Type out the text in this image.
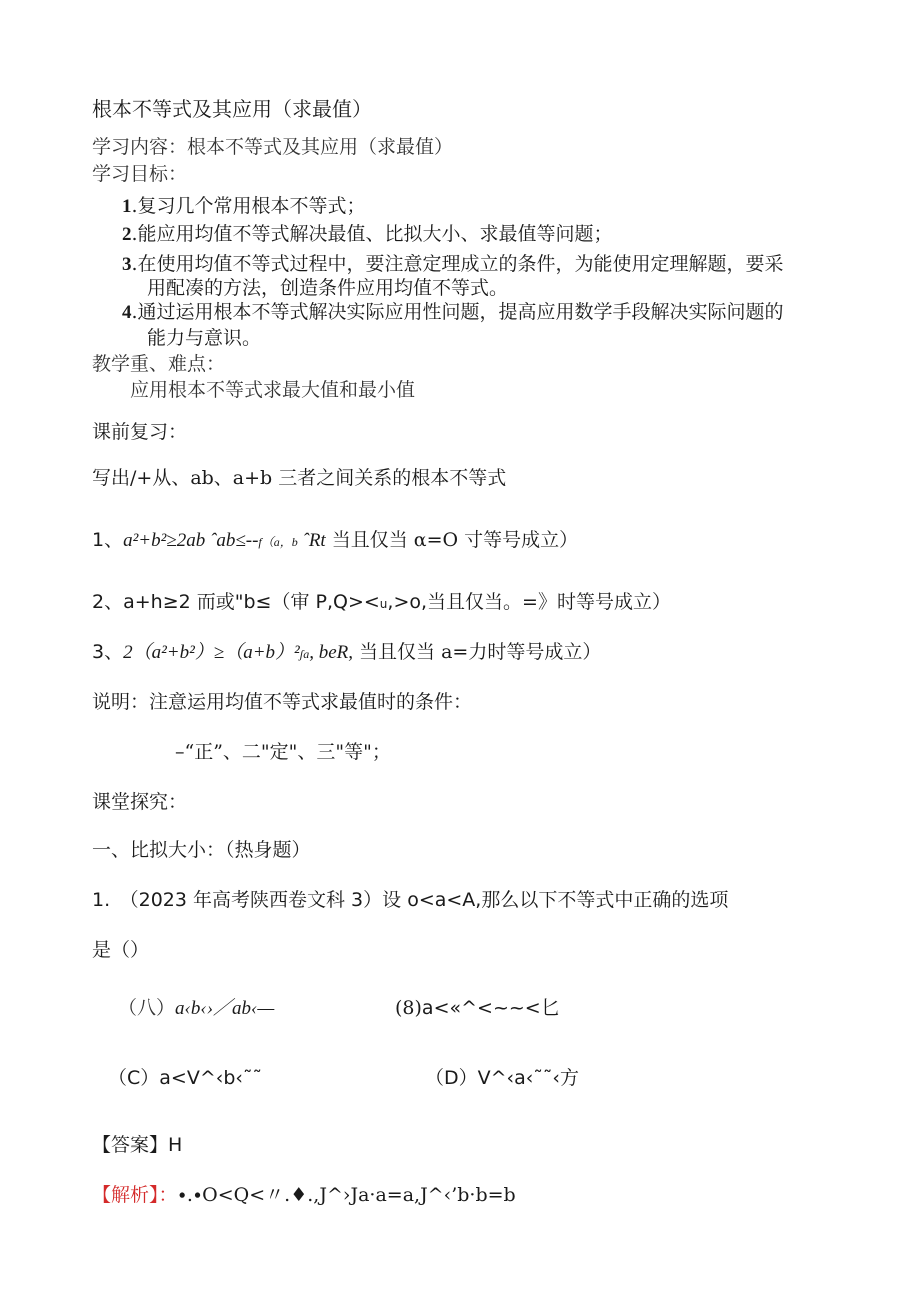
根本不等式及其应用（求最值）
学习内容：根本不等式及其应用（求最值）
学习目标：
1.复习几个常用根本不等式；
2.能应用均值不等式解决最值、比拟大小、求最值等问题；
3.在使用均值不等式过程中，要注意定理成立的条件，为能使用定理解题，要采
用配凑的方法，创造条件应用均值不等式。
4.通过运用根本不等式解决实际应用性问题，提高应用数学手段解决实际问题的
能力与意识。
教学重、难点：
应用根本不等式求最大值和最小值
课前复习：
写出/+从、ab、a+b 三者之间关系的根本不等式
1、a²+b²≥2ab ˆab≤--f（a，b ˆRt 当且仅当 α=O 寸等号成立）
2、a+h≥2 而或"b≤（审 P,Q><u,>o,当且仅当。=》时等号成立）
3、2（a²+b²）≥（a+b）²ʃa, beR, 当且仅当 a=力时等号成立）
说明：注意运用均值不等式求最值时的条件：
–“正”、二"定"、三"等"；
课堂探究：
一、比拟大小：（热身题）
1.　（2023 年高考陕西卷文科 3）设 o<a<A,那么以下不等式中正确的选项
是（）
（八）a‹b‹›／ab‹—	(8)a<«^<~~<匕
（C）a<V^‹b‹˜˜	（D）V^‹a‹˜˜‹方
【答案】H
【解析】：∙.∙O<Q<〃.♦.,J^›Ja·a=a,J^‹’b·b=b
